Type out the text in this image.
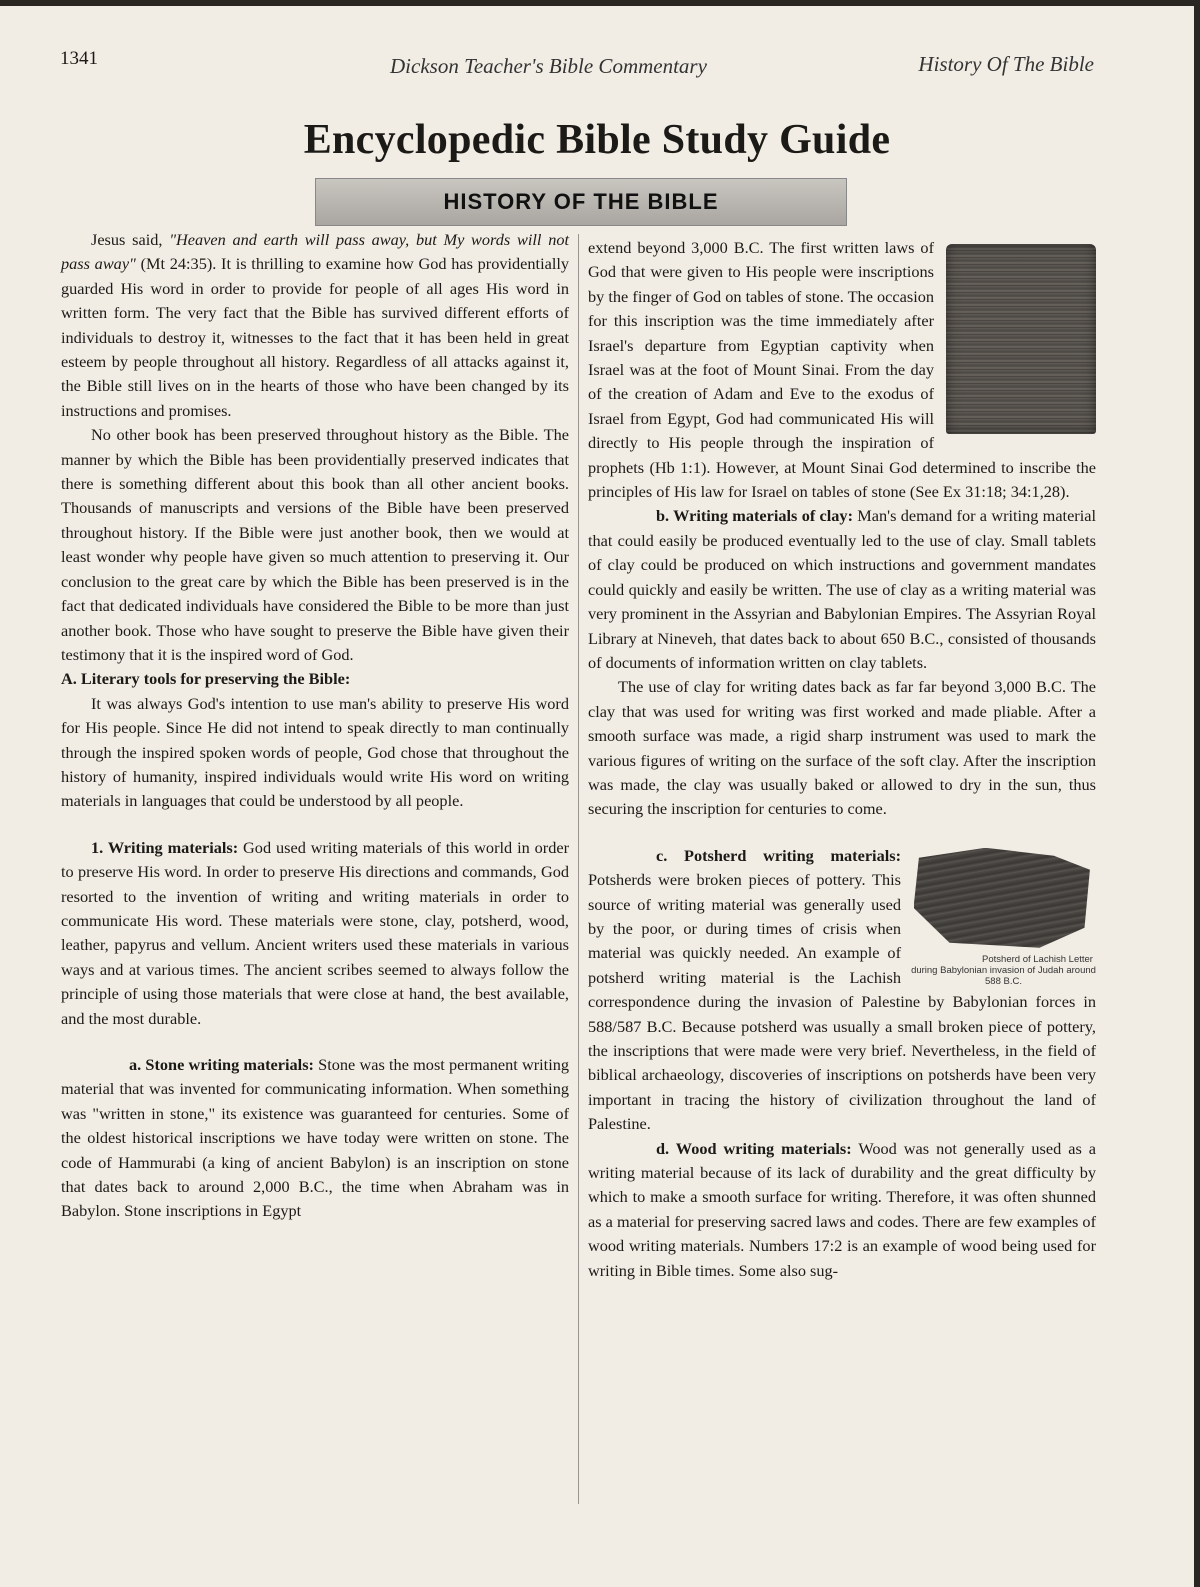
1341	Dickson Teacher's Bible Commentary	History Of The Bible
Encyclopedic Bible Study Guide
HISTORY OF THE BIBLE

Jesus said, "Heaven and earth will pass away, but My words will not pass away" (Mt 24:35). It is thrilling to examine how God has providentially guarded His word in order to provide for people of all ages His word in written form. The very fact that the Bible has survived different efforts of individuals to destroy it, witnesses to the fact that it has been held in great esteem by people throughout all history. Regardless of all attacks against it, the Bible still lives on in the hearts of those who have been changed by its instructions and promises.

No other book has been preserved throughout history as the Bible. The manner by which the Bible has been providentially preserved indicates that there is something different about this book than all other ancient books. Thousands of manuscripts and versions of the Bible have been preserved throughout history. If the Bible were just another book, then we would at least wonder why people have given so much attention to preserving it. Our conclusion to the great care by which the Bible has been preserved is in the fact that dedicated individuals have considered the Bible to be more than just another book. Those who have sought to preserve the Bible have given their testimony that it is the inspired word of God.

A. Literary tools for preserving the Bible:

It was always God's intention to use man's ability to preserve His word for His people. Since He did not intend to speak directly to man continually through the inspired spoken words of people, God chose that throughout the history of humanity, inspired individuals would write His word on writing materials in languages that could be understood by all people.

1. Writing materials: God used writing materials of this world in order to preserve His word. In order to preserve His directions and commands, God resorted to the invention of writing and writing materials in order to communicate His word. These materials were stone, clay, potsherd, wood, leather, papyrus and vellum. Ancient writers used these materials in various ways and at various times. The ancient scribes seemed to always follow the principle of using those materials that were close at hand, the best available, and the most durable.

a. Stone writing materials: Stone was the most permanent writing material that was invented for communicating information. When something was "written in stone," its existence was guaranteed for centuries. Some of the oldest historical inscriptions we have today were written on stone. The code of Hammurabi (a king of ancient Babylon) is an inscription on stone that dates back to around 2,000 B.C., the time when Abraham was in Babylon. Stone inscriptions in Egypt

extend beyond 3,000 B.C. The first written laws of God that were given to His people were inscriptions by the finger of God on tables of stone. The occasion for this inscription was the time immediately after Israel's departure from Egyptian captivity when Israel was at the foot of Mount Sinai. From the day of the creation of Adam and Eve to the exodus of Israel from Egypt, God had communicated His will directly to His people through the inspiration of prophets (Hb 1:1). However, at Mount Sinai God determined to inscribe the principles of His law for Israel on tables of stone (See Ex 31:18; 34:1,28).

b. Writing materials of clay: Man's demand for a writing material that could easily be produced eventually led to the use of clay. Small tablets of clay could be produced on which instructions and government mandates could quickly and easily be written. The use of clay as a writing material was very prominent in the Assyrian and Babylonian Empires. The Assyrian Royal Library at Nineveh, that dates back to about 650 B.C., consisted of thousands of documents of information written on clay tablets.

The use of clay for writing dates back as far far beyond 3,000 B.C. The clay that was used for writing was first worked and made pliable. After a smooth surface was made, a rigid sharp instrument was used to mark the various figures of writing on the surface of the soft clay. After the inscription was made, the clay was usually baked or allowed to dry in the sun, thus securing the inscription for centuries to come.

Potsherd of Lachish Letter during Babylonian invasion of Judah around 588 B.C.
c. Potsherd writing materials: Potsherds were broken pieces of pottery. This source of writing material was generally used by the poor, or during times of crisis when material was quickly needed. An example of potsherd writing material is the Lachish correspondence during the invasion of Palestine by Babylonian forces in 588/587 B.C. Because potsherd was usually a small broken piece of pottery, the inscriptions that were made were very brief. Nevertheless, in the field of biblical archaeology, discoveries of inscriptions on potsherds have been very important in tracing the history of civilization throughout the land of Palestine.

d. Wood writing materials: Wood was not generally used as a writing material because of its lack of durability and the great difficulty by which to make a smooth surface for writing. Therefore, it was often shunned as a material for preserving sacred laws and codes. There are few examples of wood writing materials. Numbers 17:2 is an example of wood being used for writing in Bible times. Some also sug-
